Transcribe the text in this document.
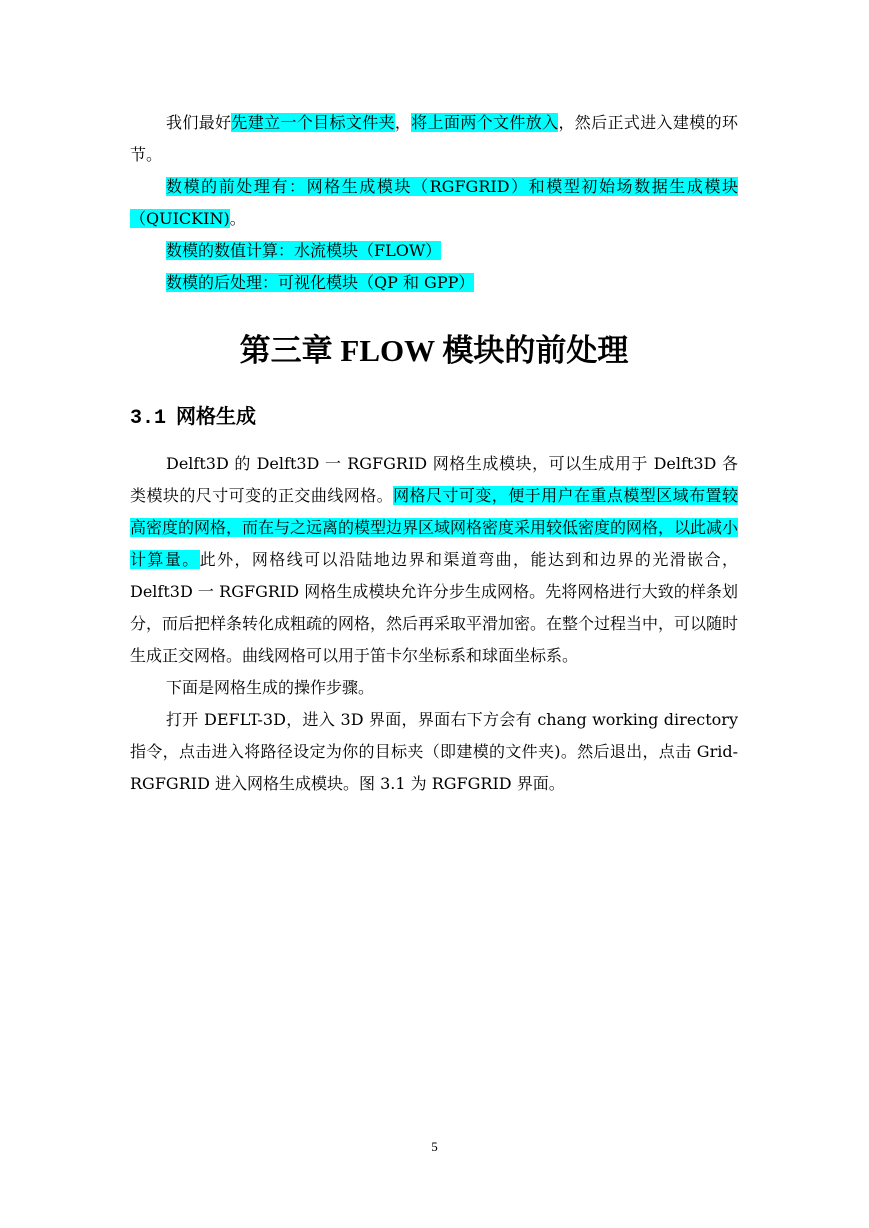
我们最好先建立一个目标文件夹，将上面两个文件放入，然后正式进入建模的环节。

数模的前处理有：网格生成模块（RGFGRID）和模型初始场数据生成模块（QUICKIN)。

数模的数值计算：水流模块（FLOW）

数模的后处理：可视化模块（QP 和 GPP）

第三章 FLOW 模块的前处理
3.1 网格生成

Delft3D 的 Delft3D 一 RGFGRID 网格生成模块，可以生成用于 Delft3D 各类模块的尺寸可变的正交曲线网格。网格尺寸可变，便于用户在重点模型区域布置较高密度的网格，而在与之远离的模型边界区域网格密度采用较低密度的网格，以此减小计算量。此外，网格线可以沿陆地边界和渠道弯曲，能达到和边界的光滑嵌合， Delft3D 一 RGFGRID 网格生成模块允许分步生成网格。先将网格进行大致的样条划分，而后把样条转化成粗疏的网格，然后再采取平滑加密。在整个过程当中，可以随时生成正交网格。曲线网格可以用于笛卡尔坐标系和球面坐标系。

下面是网格生成的操作步骤。

打开 DEFLT-3D，进入 3D 界面，界面右下方会有 chang working directory 指令，点击进入将路径设定为你的目标夹（即建模的文件夹)。然后退出，点击 Grid-RGFGRID 进入网格生成模块。图 3.1 为 RGFGRID 界面。

5
